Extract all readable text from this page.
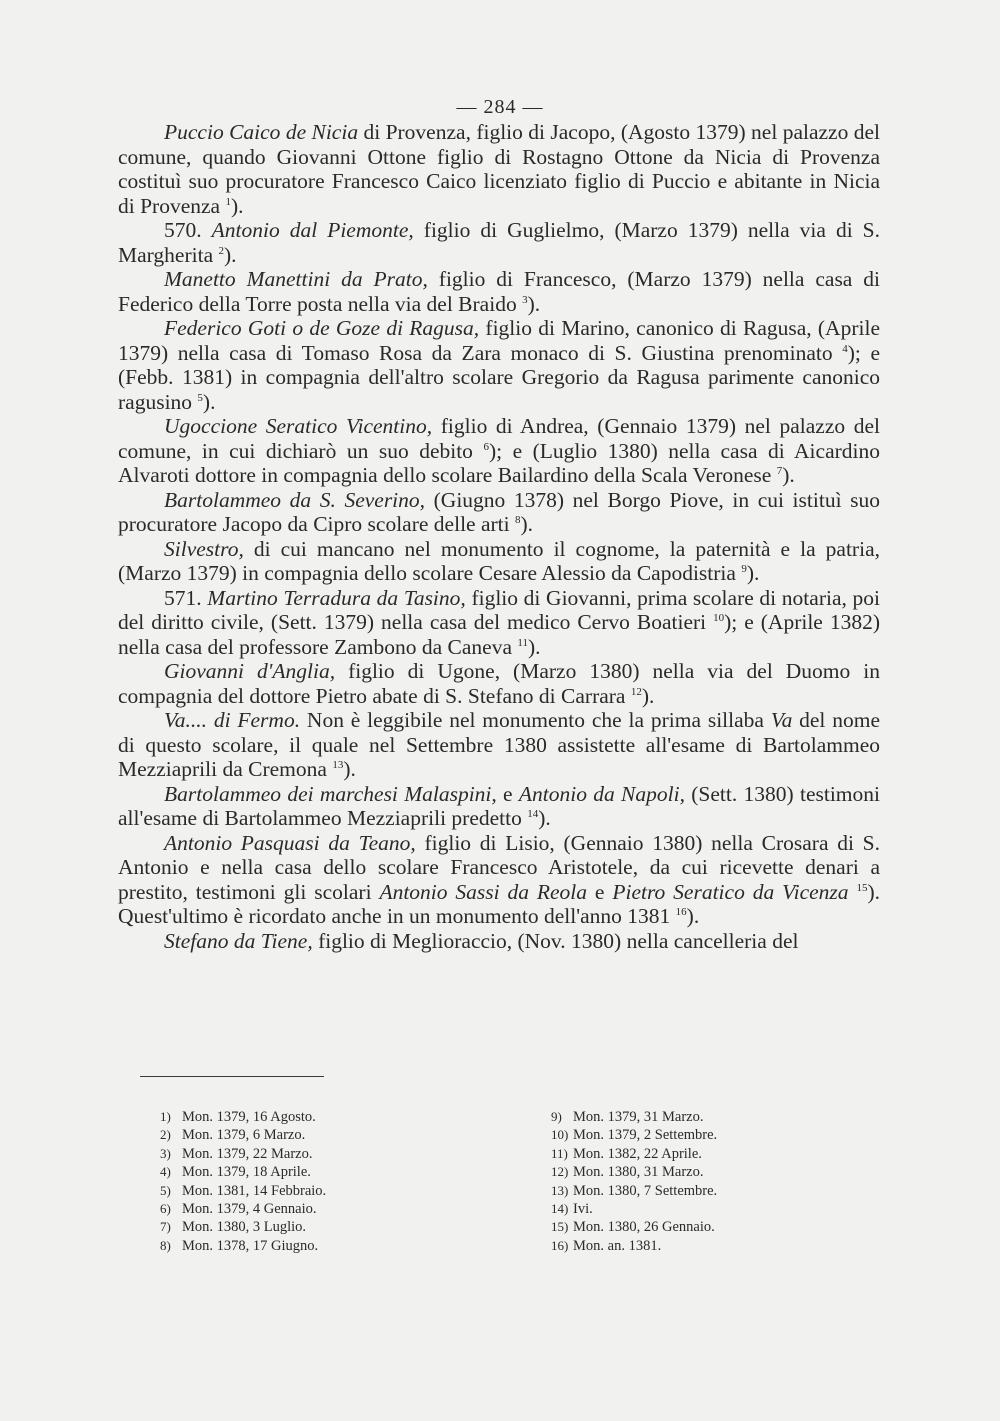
— 284 —

Puccio Caico de Nicia di Provenza, figlio di Jacopo, (Agosto 1379) nel palazzo del comune, quando Giovanni Ottone figlio di Rostagno Ottone da Nicia di Provenza costituì suo procuratore Francesco Caico licenziato figlio di Puccio e abitante in Nicia di Provenza $^1$).

570. Antonio dal Piemonte, figlio di Guglielmo, (Marzo 1379) nella via di S. Margherita $^2$).

Manetto Manettini da Prato, figlio di Francesco, (Marzo 1379) nella casa di Federico della Torre posta nella via del Braido $^3$).

Federico Goti o de Goze di Ragusa, figlio di Marino, canonico di Ragusa, (Aprile 1379) nella casa di Tomaso Rosa da Zara monaco di S. Giustina prenominato $^4$); e (Febb. 1381) in compagnia dell'altro scolare Gregorio da Ragusa parimente canonico ragusino $^5$).

Ugoccione Seratico Vicentino, figlio di Andrea, (Gennaio 1379) nel palazzo del comune, in cui dichiarò un suo debito $^6$); e (Luglio 1380) nella casa di Aicardino Alvaroti dottore in compagnia dello scolare Bailardino della Scala Veronese $^7$).

Bartolammeo da S. Severino, (Giugno 1378) nel Borgo Piove, in cui istituì suo procuratore Jacopo da Cipro scolare delle arti $^8$).

Silvestro, di cui mancano nel monumento il cognome, la paternità e la patria, (Marzo 1379) in compagnia dello scolare Cesare Alessio da Capodistria $^9$).

571. Martino Terradura da Tasino, figlio di Giovanni, prima scolare di notaria, poi del diritto civile, (Sett. 1379) nella casa del medico Cervo Boatieri $^{10}$); e (Aprile 1382) nella casa del professore Zambono da Caneva $^{11}$).

Giovanni d'Anglia, figlio di Ugone, (Marzo 1380) nella via del Duomo in compagnia del dottore Pietro abate di S. Stefano di Carrara $^{12}$).

Va.... di Fermo. Non è leggibile nel monumento che la prima sillaba Va del nome di questo scolare, il quale nel Settembre 1380 assistette all'esame di Bartolammeo Mezziaprili da Cremona $^{13}$).

Bartolammeo dei marchesi Malaspini, e Antonio da Napoli, (Sett. 1380) testimoni all'esame di Bartolammeo Mezziaprili predetto $^{14}$).

Antonio Pasquasi da Teano, figlio di Lisio, (Gennaio 1380) nella Crosara di S. Antonio e nella casa dello scolare Francesco Aristotele, da cui ricevette denari a prestito, testimoni gli scolari Antonio Sassi da Reola e Pietro Seratico da Vicenza $^{15}$). Quest'ultimo è ricordato anche in un monumento dell'anno 1381 $^{16}$).

Stefano da Tiene, figlio di Meglioraccio, (Nov. 1380) nella cancelleria del

1) Mon. 1379, 16 Agosto.
2) Mon. 1379, 6 Marzo.
3) Mon. 1379, 22 Marzo.
4) Mon. 1379, 18 Aprile.
5) Mon. 1381, 14 Febbraio.
6) Mon. 1379, 4 Gennaio.
7) Mon. 1380, 3 Luglio.
8) Mon. 1378, 17 Giugno.
9) Mon. 1379, 31 Marzo.
10) Mon. 1379, 2 Settembre.
11) Mon. 1382, 22 Aprile.
12) Mon. 1380, 31 Marzo.
13) Mon. 1380, 7 Settembre.
14) Ivi.
15) Mon. 1380, 26 Gennaio.
16) Mon. an. 1381.
